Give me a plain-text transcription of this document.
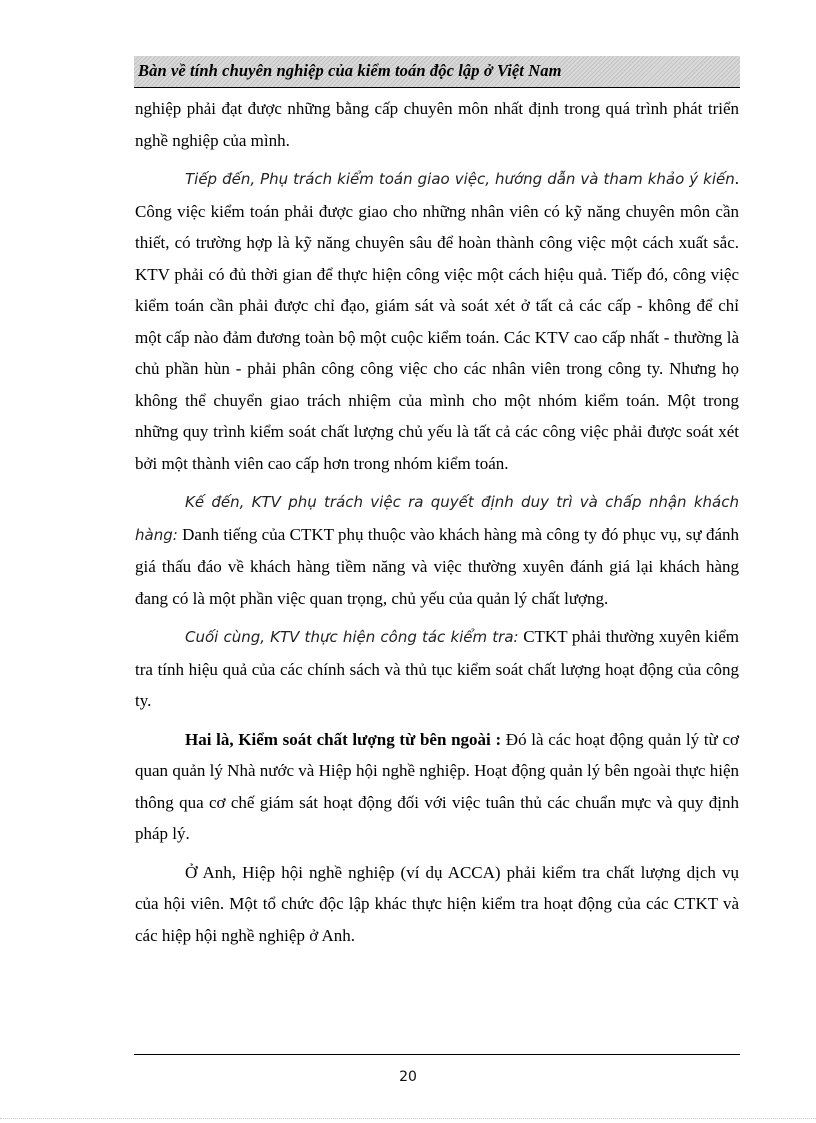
Bàn về tính chuyên nghiệp của kiểm toán độc lập ở Việt Nam

nghiệp phải đạt được những bằng cấp chuyên môn nhất định trong quá trình phát triển nghề nghiệp của mình.

Tiếp đến, Phụ trách kiểm toán giao việc, hướng dẫn và tham khảo ý kiến. Công việc kiểm toán phải được giao cho những nhân viên có kỹ năng chuyên môn cần thiết, có trường hợp là kỹ năng chuyên sâu để hoàn thành công việc một cách xuất sắc. KTV phải có đủ thời gian để thực hiện công việc một cách hiệu quả. Tiếp đó, công việc kiểm toán cần phải được chỉ đạo, giám sát và soát xét ở tất cả các cấp - không để chỉ một cấp nào đảm đương toàn bộ một cuộc kiểm toán. Các KTV cao cấp nhất - thường là chủ phần hùn - phải phân công công việc cho các nhân viên trong công ty. Nhưng họ không thể chuyển giao trách nhiệm của mình cho một nhóm kiểm toán. Một trong những quy trình kiểm soát chất lượng chủ yếu là tất cả các công việc phải được soát xét bởi một thành viên cao cấp hơn trong nhóm kiểm toán.

Kế đến, KTV phụ trách việc ra quyết định duy trì và chấp nhận khách hàng: Danh tiếng của CTKT phụ thuộc vào khách hàng mà công ty đó phục vụ, sự đánh giá thấu đáo về khách hàng tiềm năng và việc thường xuyên đánh giá lại khách hàng đang có là một phần việc quan trọng, chủ yếu của quản lý chất lượng.

Cuối cùng, KTV thực hiện công tác kiểm tra: CTKT phải thường xuyên kiểm tra tính hiệu quả của các chính sách và thủ tục kiểm soát chất lượng hoạt động của công ty.

Hai là, Kiểm soát chất lượng từ bên ngoài : Đó là các hoạt động quản lý từ cơ quan quản lý Nhà nước và Hiệp hội nghề nghiệp. Hoạt động quản lý bên ngoài thực hiện thông qua cơ chế giám sát hoạt động đối với việc tuân thủ các chuẩn mực và quy định pháp lý.

Ở Anh, Hiệp hội nghề nghiệp (ví dụ ACCA) phải kiểm tra chất lượng dịch vụ của hội viên. Một tổ chức độc lập khác thực hiện kiểm tra hoạt động của các CTKT và các hiệp hội nghề nghiệp ở Anh.

20
